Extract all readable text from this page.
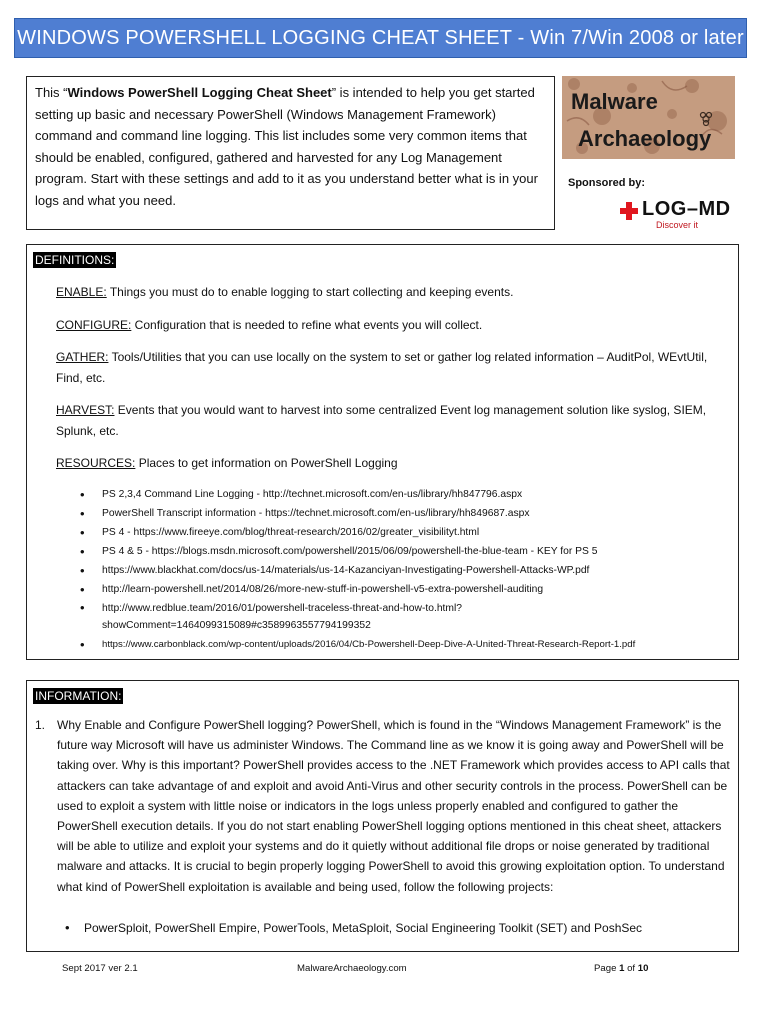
WINDOWS POWERSHELL LOGGING CHEAT SHEET - Win 7/Win 2008 or later
This “Windows PowerShell Logging Cheat Sheet” is intended to help you get started setting up basic and necessary PowerShell (Windows Management Framework) command and command line logging. This list includes some very common items that should be enabled, configured, gathered and harvested for any Log Management program. Start with these settings and add to it as you understand better what is in your logs and what you need.
Malware
Archaeology
Sponsored by:
LOG–MD
Discover it
DEFINITIONS:
ENABLE: Things you must do to enable logging to start collecting and keeping events.
CONFIGURE: Configuration that is needed to refine what events you will collect.
GATHER: Tools/Utilities that you can use locally on the system to set or gather log related information – AuditPol, WEvtUtil, Find, etc.
HARVEST: Events that you would want to harvest into some centralized Event log management solution like syslog, SIEM, Splunk, etc.
RESOURCES: Places to get information on PowerShell Logging
• PS 2,3,4 Command Line Logging - http://technet.microsoft.com/en-us/library/hh847796.aspx
• PowerShell Transcript information - https://technet.microsoft.com/en-us/library/hh849687.aspx
• PS 4 - https://www.fireeye.com/blog/threat-research/2016/02/greater_visibilityt.html
• PS 4 & 5 - https://blogs.msdn.microsoft.com/powershell/2015/06/09/powershell-the-blue-team - KEY for PS 5
• https://www.blackhat.com/docs/us-14/materials/us-14-Kazanciyan-Investigating-Powershell-Attacks-WP.pdf
• http://learn-powershell.net/2014/08/26/more-new-stuff-in-powershell-v5-extra-powershell-auditing
• http://www.redblue.team/2016/01/powershell-traceless-threat-and-how-to.html?showComment=1464099315089#c3589963557794199352
• https://www.carbonblack.com/wp-content/uploads/2016/04/Cb-Powershell-Deep-Dive-A-United-Threat-Research-Report-1.pdf
INFORMATION:
1. Why Enable and Configure PowerShell logging? PowerShell, which is found in the “Windows Management Framework” is the future way Microsoft will have us administer Windows. The Command line as we know it is going away and PowerShell will be taking over. Why is this important? PowerShell provides access to the .NET Framework which provides access to API calls that attackers can take advantage of and exploit and avoid Anti-Virus and other security controls in the process. PowerShell can be used to exploit a system with little noise or indicators in the logs unless properly enabled and configured to gather the PowerShell execution details. If you do not start enabling PowerShell logging options mentioned in this cheat sheet, attackers will be able to utilize and exploit your systems and do it quietly without additional file drops or noise generated by traditional malware and attacks. It is crucial to begin properly logging PowerShell to avoid this growing exploitation option. To understand what kind of PowerShell exploitation is available and being used, follow the following projects:
• PowerSploit, PowerShell Empire, PowerTools, MetaSploit, Social Engineering Toolkit (SET) and PoshSec
Sept 2017 ver 2.1	MalwareArchaeology.com	Page 1 of 10
